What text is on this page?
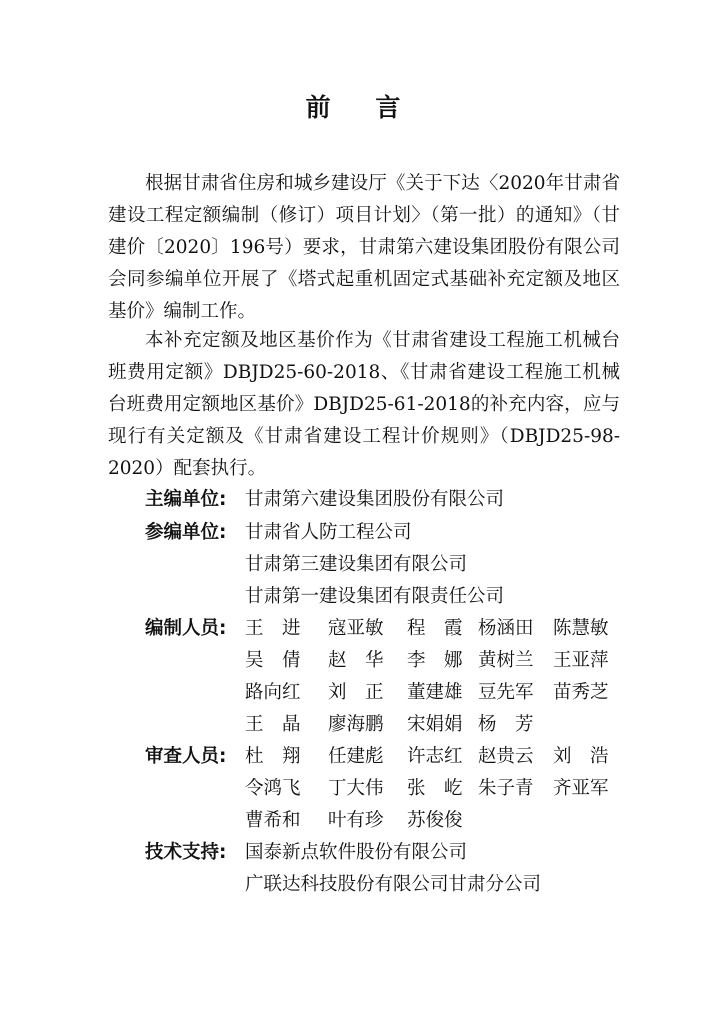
前 言

根据甘肃省住房和城乡建设厅《关于下达〈2020年甘肃省建设工程定额编制（修订）项目计划〉（第一批）的通知》（甘建价〔2020〕196号）要求，甘肃第六建设集团股份有限公司会同参编单位开展了《塔式起重机固定式基础补充定额及地区基价》编制工作。

本补充定额及地区基价作为《甘肃省建设工程施工机械台班费用定额》DBJD25-60-2018、《甘肃省建设工程施工机械台班费用定额地区基价》DBJD25-61-2018的补充内容，应与现行有关定额及《甘肃省建设工程计价规则》（DBJD25-98-2020）配套执行。

主编单位:	甘肃第六建设集团股份有限公司
参编单位:	甘肃省人防工程公司
甘肃第三建设集团有限公司
甘肃第一建设集团有限责任公司
编制人员:	王　进 寇亚敏 程　霞 杨涵田 陈慧敏
吴　倩 赵　华 李　娜 黄树兰 王亚萍
路向红 刘　正 董建雄 豆先军 苗秀芝
王　晶 廖海鹏 宋娟娟 杨　芳
审查人员:	杜　翔 任建彪 许志红 赵贵云 刘　浩
令鸿飞 丁大伟 张　屹 朱子青 齐亚军
曹希和 叶有珍 苏俊俊
技术支持:	国泰新点软件股份有限公司
广联达科技股份有限公司甘肃分公司
